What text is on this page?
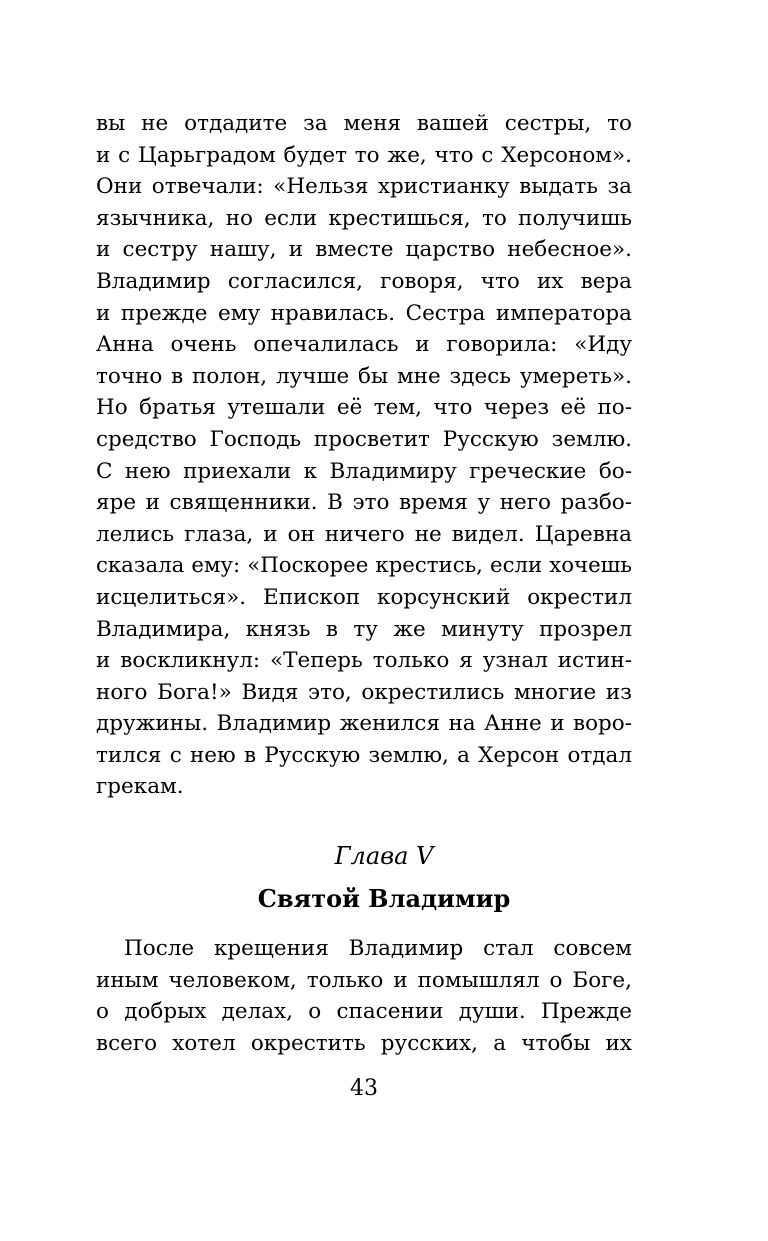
вы не отдадите за меня вашей сестры, то
и с Царьградом будет то же, что с Херсоном».
Они отвечали: «Нельзя христианку выдать за
язычника, но если крестишься, то получишь
и сестру нашу, и вместе царство небесное».
Владимир согласился, говоря, что их вера
и прежде ему нравилась. Сестра императора
Анна очень опечалилась и говорила: «Иду
точно в полон, лучше бы мне здесь умереть».
Но братья утешали её тем, что через её по-
средство Господь просветит Русскую землю.
С нею приехали к Владимиру греческие бо-
яре и священники. В это время у него разбо-
лелись глаза, и он ничего не видел. Царевна
сказала ему: «Поскорее крестись, если хочешь
исцелиться». Епископ корсунский окрестил
Владимира, князь в ту же минуту прозрел
и воскликнул: «Теперь только я узнал истин-
ного Бога!» Видя это, окрестились многие из
дружины. Владимир женился на Анне и воро-
тился с нею в Русскую землю, а Херсон отдал
грекам.
Глава V
Святой Владимир
После крещения Владимир стал совсем
иным человеком, только и помышлял о Боге,
о добрых делах, о спасении души. Прежде
всего хотел окрестить русских, а чтобы их
43
